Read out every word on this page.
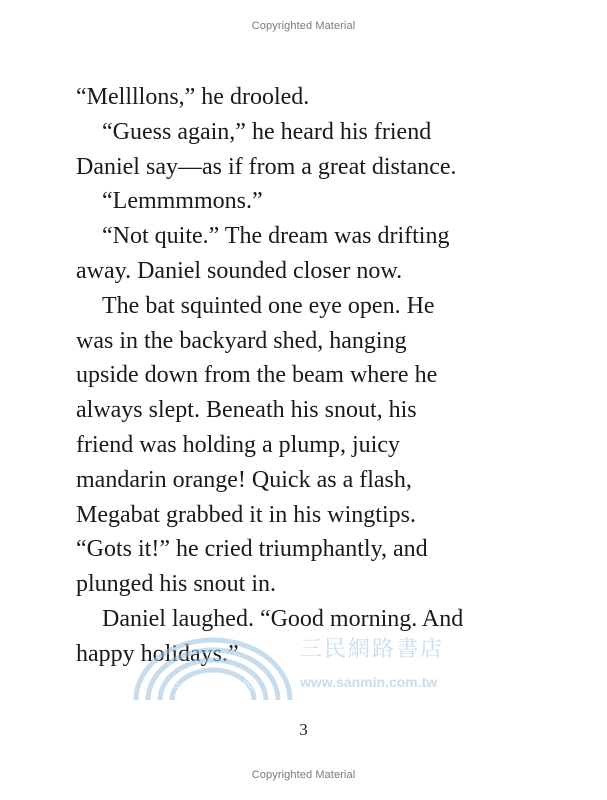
Copyrighted Material
“Mellllons,” he drooled.
“Guess again,” he heard his friend
Daniel say—as if from a great distance.
“Lemmmmons.”
“Not quite.” The dream was drifting
away. Daniel sounded closer now.
The bat squinted one eye open. He
was in the backyard shed, hanging
upside down from the beam where he
always slept. Beneath his snout, his
friend was holding a plump, juicy
mandarin orange! Quick as a flash,
Megabat grabbed it in his wingtips.
“Gots it!” he cried triumphantly, and
plunged his snout in.
Daniel laughed. “Good morning. And
happy holidays.”
三	民
三民網路書店
www.sanmin.com.tw
3
Copyrighted Material
